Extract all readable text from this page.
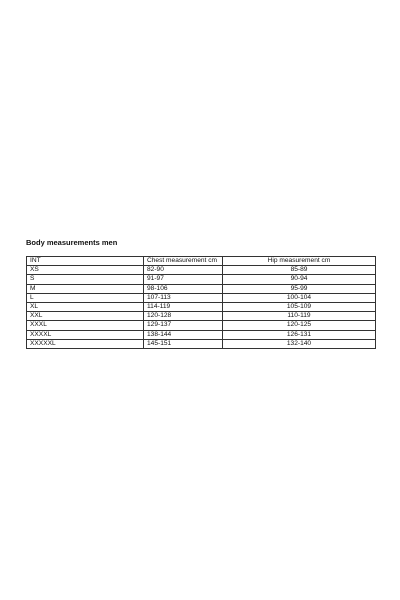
Body measurements men
INT	Chest measurement cm	Hip measurement cm
XS	82-90	85-89
S	91-97	90-94
M	98-106	95-99
L	107-113	100-104
XL	114-119	105-109
XXL	120-128	110-119
XXXL	129-137	120-125
XXXXL	138-144	126-131
XXXXXL	145-151	132-140
